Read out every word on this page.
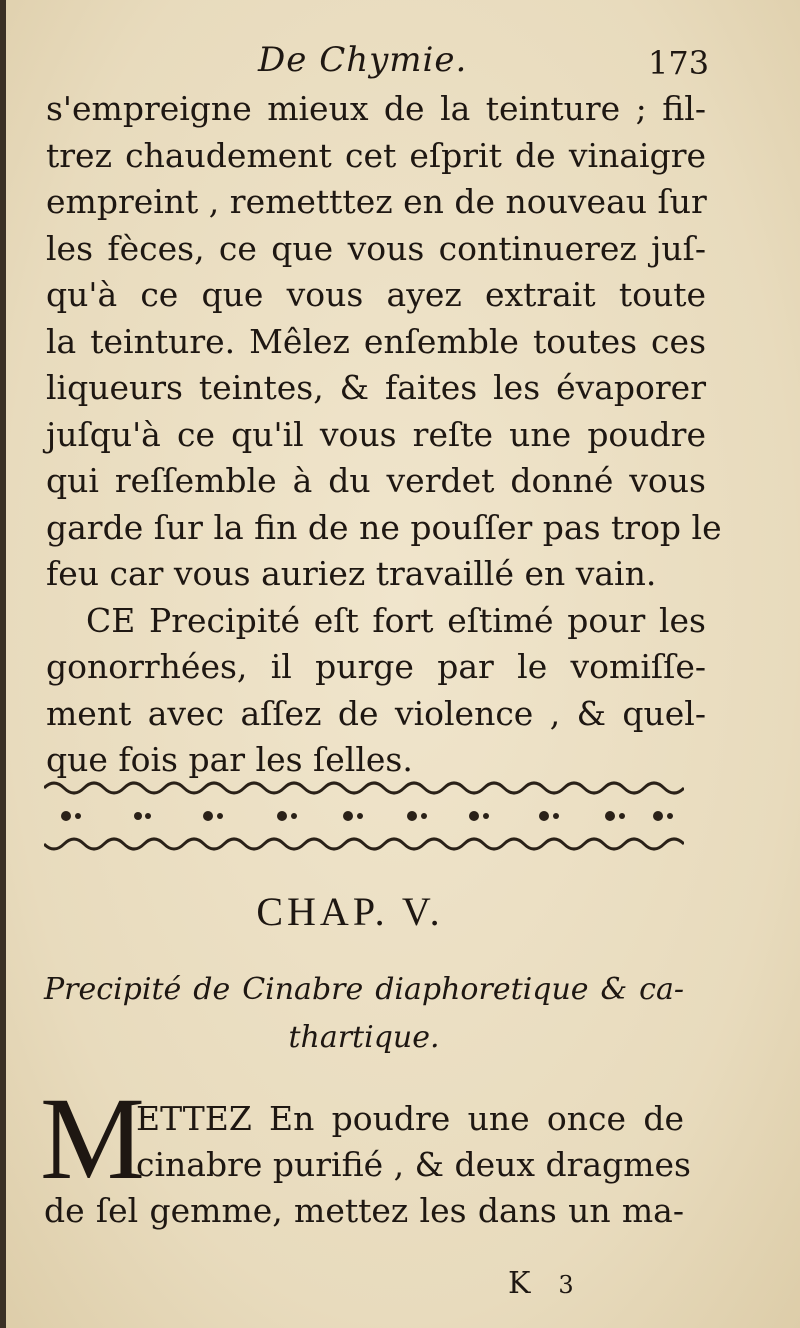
De Chymie.	173
s'empreigne mieux de la teinture ; fil-
trez chaudement cet eſprit de vinaigre
empreint , remetttez en de nouveau ſur
les fèces, ce que vous continuerez juſ-
qu'à ce que vous ayez extrait toute
la teinture. Mêlez enſemble toutes ces
liqueurs teintes, & faites les évaporer
juſqu'à ce qu'il vous reſte une poudre
qui reſſemble à du verdet donné vous
garde ſur la fin de ne pouſſer pas trop le
feu car vous auriez travaillé en vain.
CE Precipité eſt fort eſtimé pour les
gonorrhées, il purge par le vomiſſe-
ment avec aſſez de violence , & quel-
que fois par les ſelles.
CHAP. V.
Precipité de Cinabre diaphoretique & ca-
thartique.
M
ETTEZ En poudre une once de
cinabre purifié , & deux dragmes
de ſel gemme, mettez les dans un ma-
K 3
